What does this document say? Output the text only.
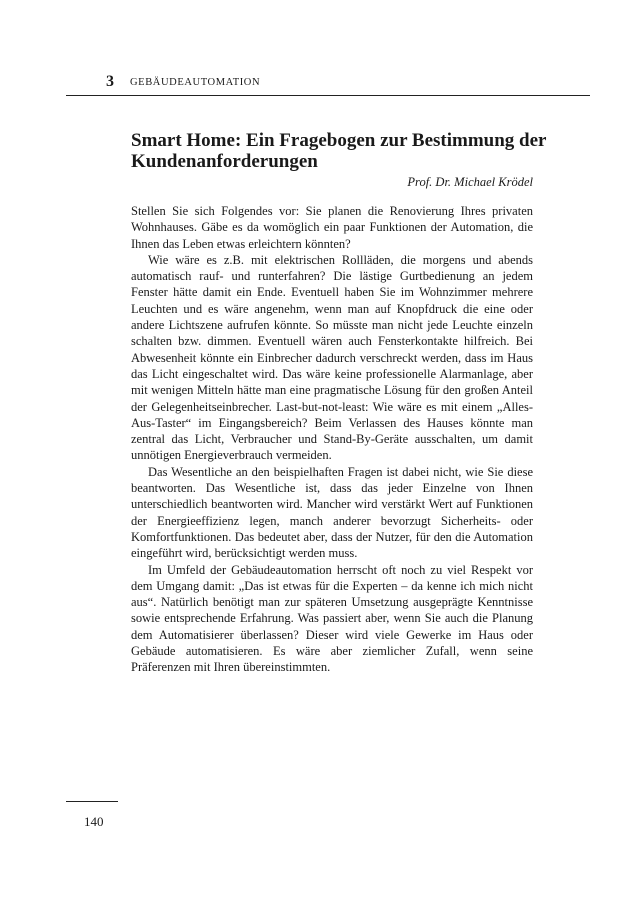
3 GEBÄUDEAUTOMATION
Smart Home: Ein Fragebogen zur Bestimmung der Kundenanforderungen
Prof. Dr. Michael Krödel

Stellen Sie sich Folgendes vor: Sie planen die Renovierung Ihres privaten Wohnhauses. Gäbe es da womöglich ein paar Funktionen der Automation, die Ihnen das Leben etwas erleichtern könnten?

Wie wäre es z.B. mit elektrischen Rollläden, die morgens und abends automatisch rauf- und runterfahren? Die lästige Gurtbedienung an jedem Fenster hätte damit ein Ende. Eventuell haben Sie im Wohnzimmer mehrere Leuchten und es wäre angenehm, wenn man auf Knopfdruck die eine oder andere Lichtszene aufrufen könnte. So müsste man nicht jede Leuchte einzeln schalten bzw. dimmen. Eventuell wären auch Fensterkontakte hilfreich. Bei Abwesenheit könnte ein Einbrecher dadurch verschreckt werden, dass im Haus das Licht eingeschaltet wird. Das wäre keine professionelle Alarmanlage, aber mit wenigen Mitteln hätte man eine pragmatische Lösung für den großen Anteil der Gelegenheitseinbrecher. Last-but-not-least: Wie wäre es mit einem „Alles-Aus-Taster“ im Eingangsbereich? Beim Verlassen des Hauses könnte man zentral das Licht, Verbraucher und Stand-By-Geräte ausschalten, um damit unnötigen Energieverbrauch vermeiden.

Das Wesentliche an den beispielhaften Fragen ist dabei nicht, wie Sie diese beantworten. Das Wesentliche ist, dass das jeder Einzelne von Ihnen unterschiedlich beantworten wird. Mancher wird verstärkt Wert auf Funktionen der Energieeffizienz legen, manch anderer bevorzugt Sicherheits- oder Komfortfunktionen. Das bedeutet aber, dass der Nutzer, für den die Automation eingeführt wird, berücksichtigt werden muss.

Im Umfeld der Gebäudeautomation herrscht oft noch zu viel Respekt vor dem Umgang damit: „Das ist etwas für die Experten – da kenne ich mich nicht aus“. Natürlich benötigt man zur späteren Umsetzung ausgeprägte Kenntnisse sowie entsprechende Erfahrung. Was passiert aber, wenn Sie auch die Planung dem Automatisierer überlassen? Dieser wird viele Gewerke im Haus oder Gebäude automatisieren. Es wäre aber ziemlicher Zufall, wenn seine Präferenzen mit Ihren übereinstimmten.

140
